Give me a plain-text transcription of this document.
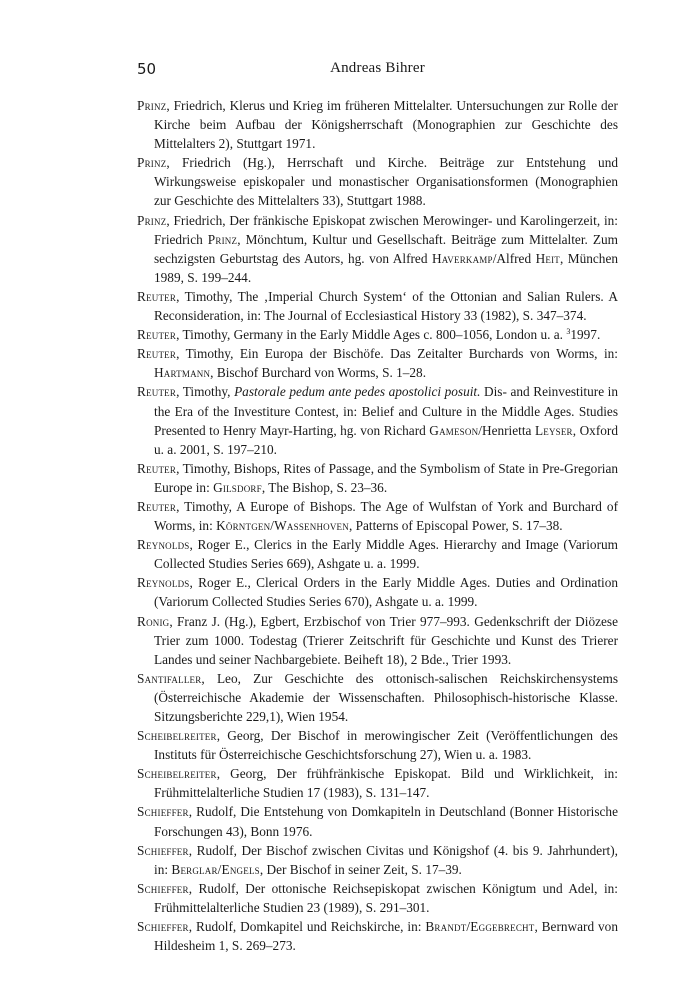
50	Andreas Bihrer

Prinz, Friedrich, Klerus und Krieg im früheren Mittelalter. Untersuchungen zur Rolle der Kirche beim Aufbau der Königsherrschaft (Monographien zur Geschichte des Mittelalters 2), Stuttgart 1971.

Prinz, Friedrich (Hg.), Herrschaft und Kirche. Beiträge zur Entstehung und Wirkungsweise episkopaler und monastischer Organisationsformen (Monographien zur Geschichte des Mittelalters 33), Stuttgart 1988.

Prinz, Friedrich, Der fränkische Episkopat zwischen Merowinger- und Karolingerzeit, in: Friedrich Prinz, Mönchtum, Kultur und Gesellschaft. Beiträge zum Mittelalter. Zum sechzigsten Geburtstag des Autors, hg. von Alfred Haverkamp/Alfred Heit, München 1989, S. 199–244.

Reuter, Timothy, The ‚Imperial Church System‘ of the Ottonian and Salian Rulers. A Reconsideration, in: The Journal of Ecclesiastical History 33 (1982), S. 347–374.

Reuter, Timothy, Germany in the Early Middle Ages c. 800–1056, London u. a. $^3$1997.

Reuter, Timothy, Ein Europa der Bischöfe. Das Zeitalter Burchards von Worms, in: Hartmann, Bischof Burchard von Worms, S. 1–28.

Reuter, Timothy, Pastorale pedum ante pedes apostolici posuit. Dis- and Reinvestiture in the Era of the Investiture Contest, in: Belief and Culture in the Middle Ages. Studies Presented to Henry Mayr-Harting, hg. von Richard Gameson/Henrietta Leyser, Oxford u. a. 2001, S. 197–210.

Reuter, Timothy, Bishops, Rites of Passage, and the Symbolism of State in Pre-Gregorian Europe in: Gilsdorf, The Bishop, S. 23–36.

Reuter, Timothy, A Europe of Bishops. The Age of Wulfstan of York and Burchard of Worms, in: Körntgen/Wassenhoven, Patterns of Episcopal Power, S. 17–38.

Reynolds, Roger E., Clerics in the Early Middle Ages. Hierarchy and Image (Variorum Collected Studies Series 669), Ashgate u. a. 1999.

Reynolds, Roger E., Clerical Orders in the Early Middle Ages. Duties and Ordination (Variorum Collected Studies Series 670), Ashgate u. a. 1999.

Ronig, Franz J. (Hg.), Egbert, Erzbischof von Trier 977–993. Gedenkschrift der Diözese Trier zum 1000. Todestag (Trierer Zeitschrift für Geschichte und Kunst des Trierer Landes und seiner Nachbargebiete. Beiheft 18), 2 Bde., Trier 1993.

Santifaller, Leo, Zur Geschichte des ottonisch-salischen Reichskirchensystems (Österreichische Akademie der Wissenschaften. Philosophisch-historische Klasse. Sitzungsberichte 229,1), Wien 1954.

Scheibelreiter, Georg, Der Bischof in merowingischer Zeit (Veröffentlichungen des Instituts für Österreichische Geschichtsforschung 27), Wien u. a. 1983.

Scheibelreiter, Georg, Der frühfränkische Episkopat. Bild und Wirklichkeit, in: Frühmittelalterliche Studien 17 (1983), S. 131–147.

Schieffer, Rudolf, Die Entstehung von Domkapiteln in Deutschland (Bonner Historische Forschungen 43), Bonn 1976.

Schieffer, Rudolf, Der Bischof zwischen Civitas und Königshof (4. bis 9. Jahrhundert), in: Berglar/Engels, Der Bischof in seiner Zeit, S. 17–39.

Schieffer, Rudolf, Der ottonische Reichsepiskopat zwischen Königtum und Adel, in: Frühmittelalterliche Studien 23 (1989), S. 291–301.

Schieffer, Rudolf, Domkapitel und Reichskirche, in: Brandt/Eggebrecht, Bernward von Hildesheim 1, S. 269–273.
